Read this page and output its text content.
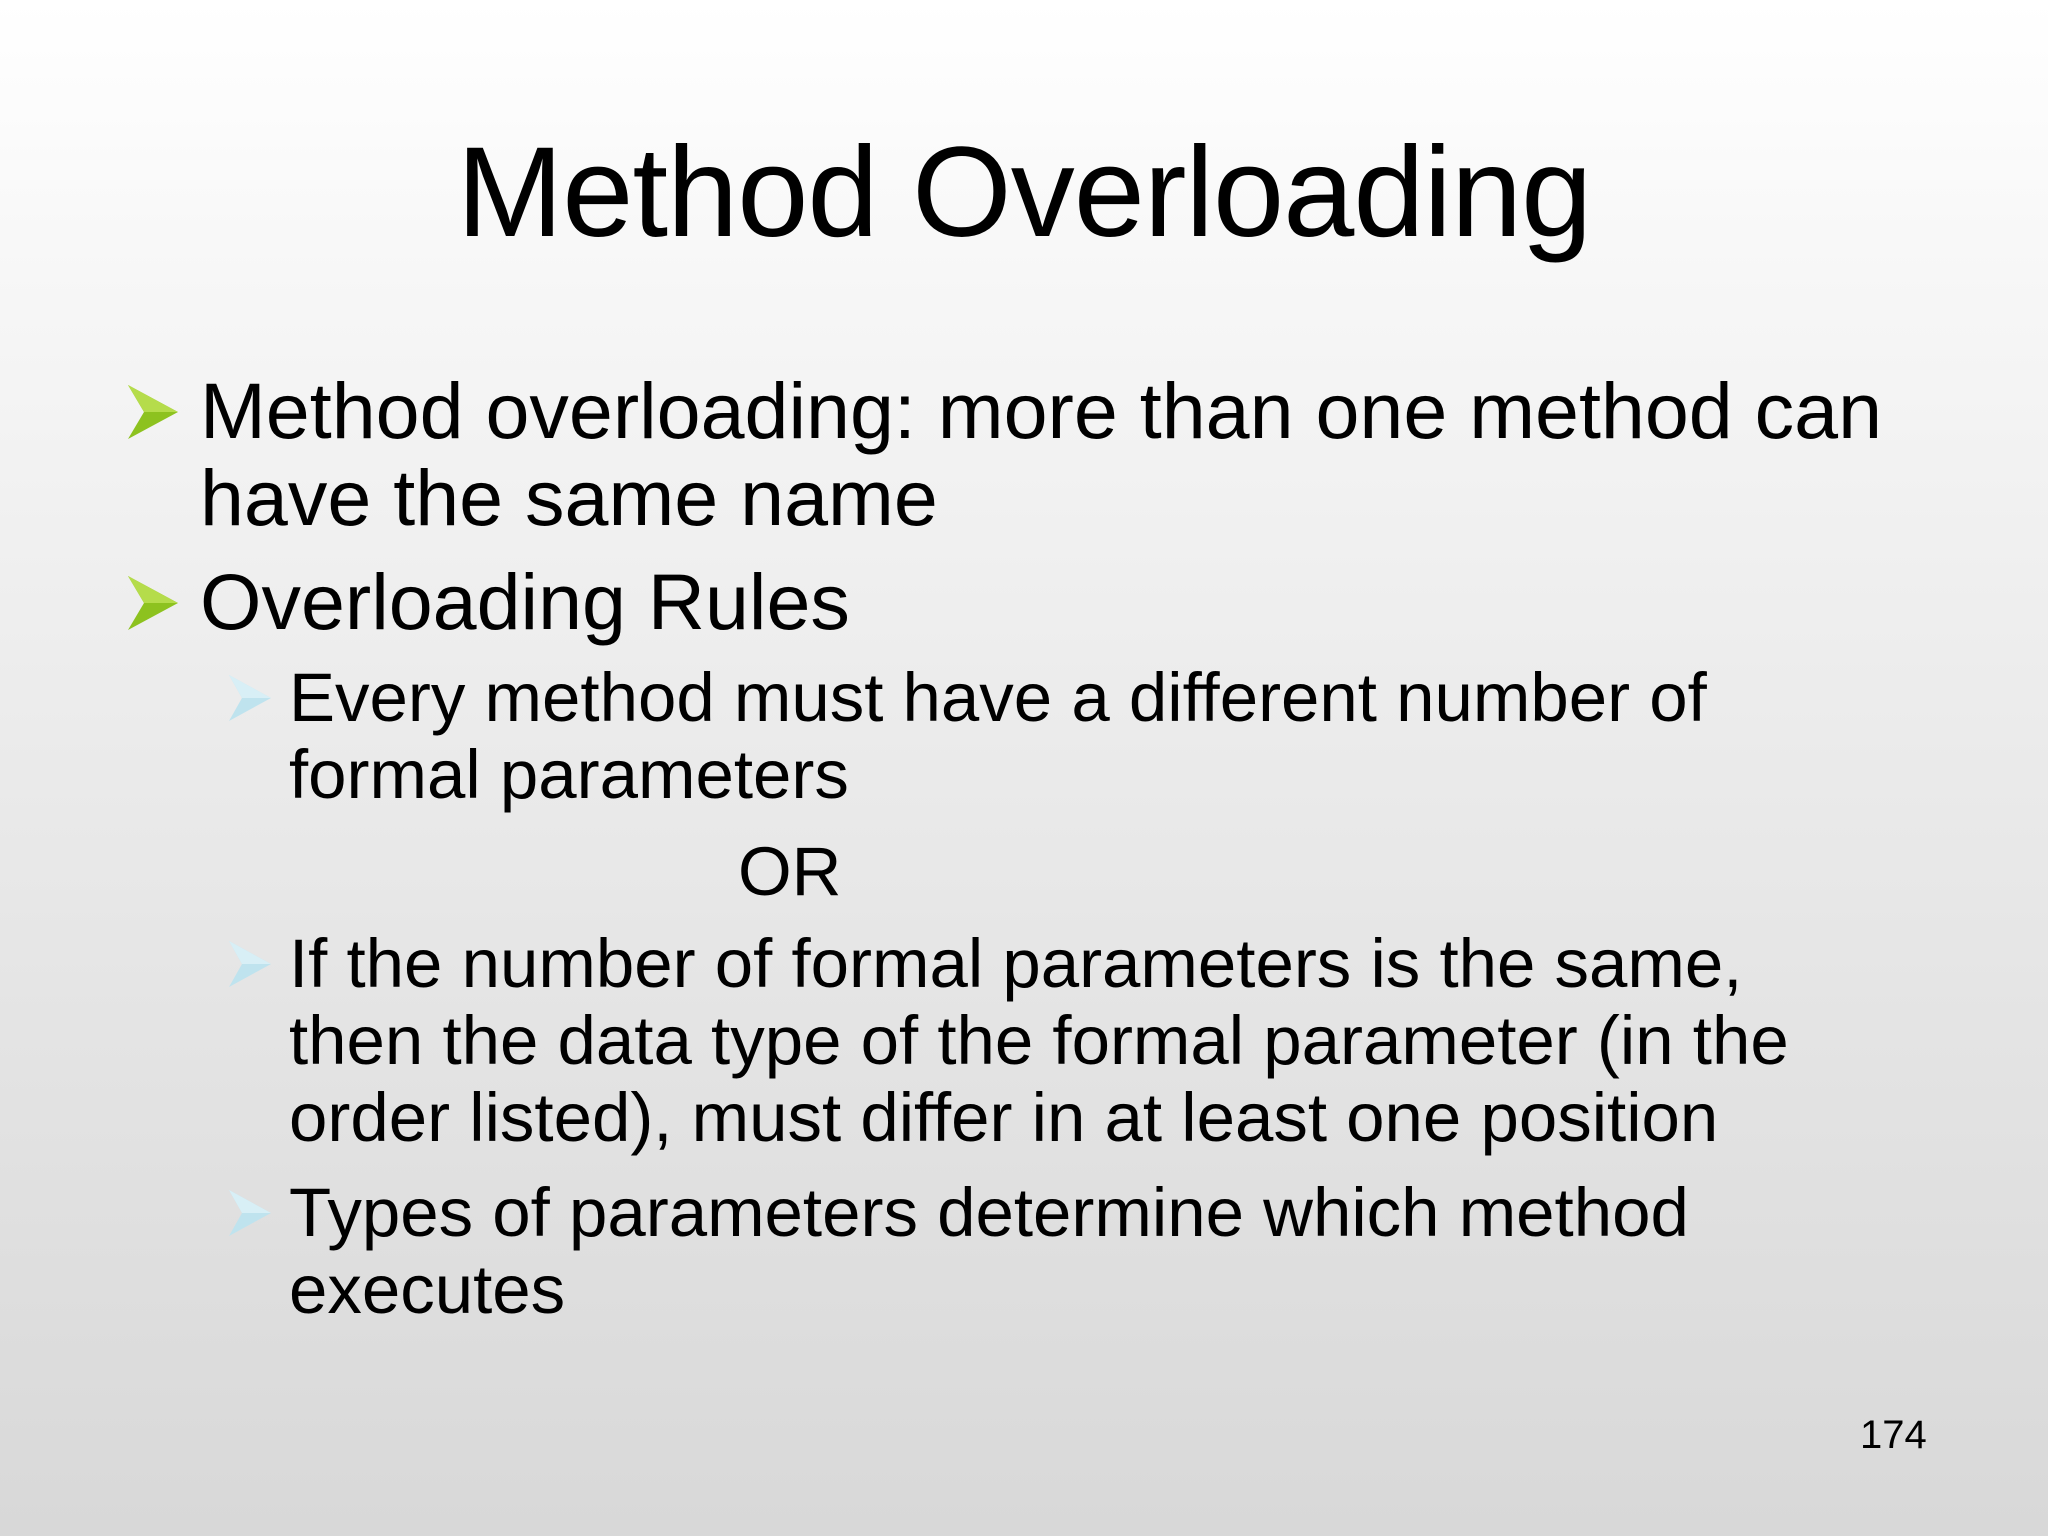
Method Overloading
Method overloading: more than one method can
have the same name
Overloading Rules
Every method must have a different number of
formal parameters
OR
If the number of formal parameters is the same,
then the data type of the formal parameter (in the
order listed), must differ in at least one position
Types of parameters determine which method
executes
174
